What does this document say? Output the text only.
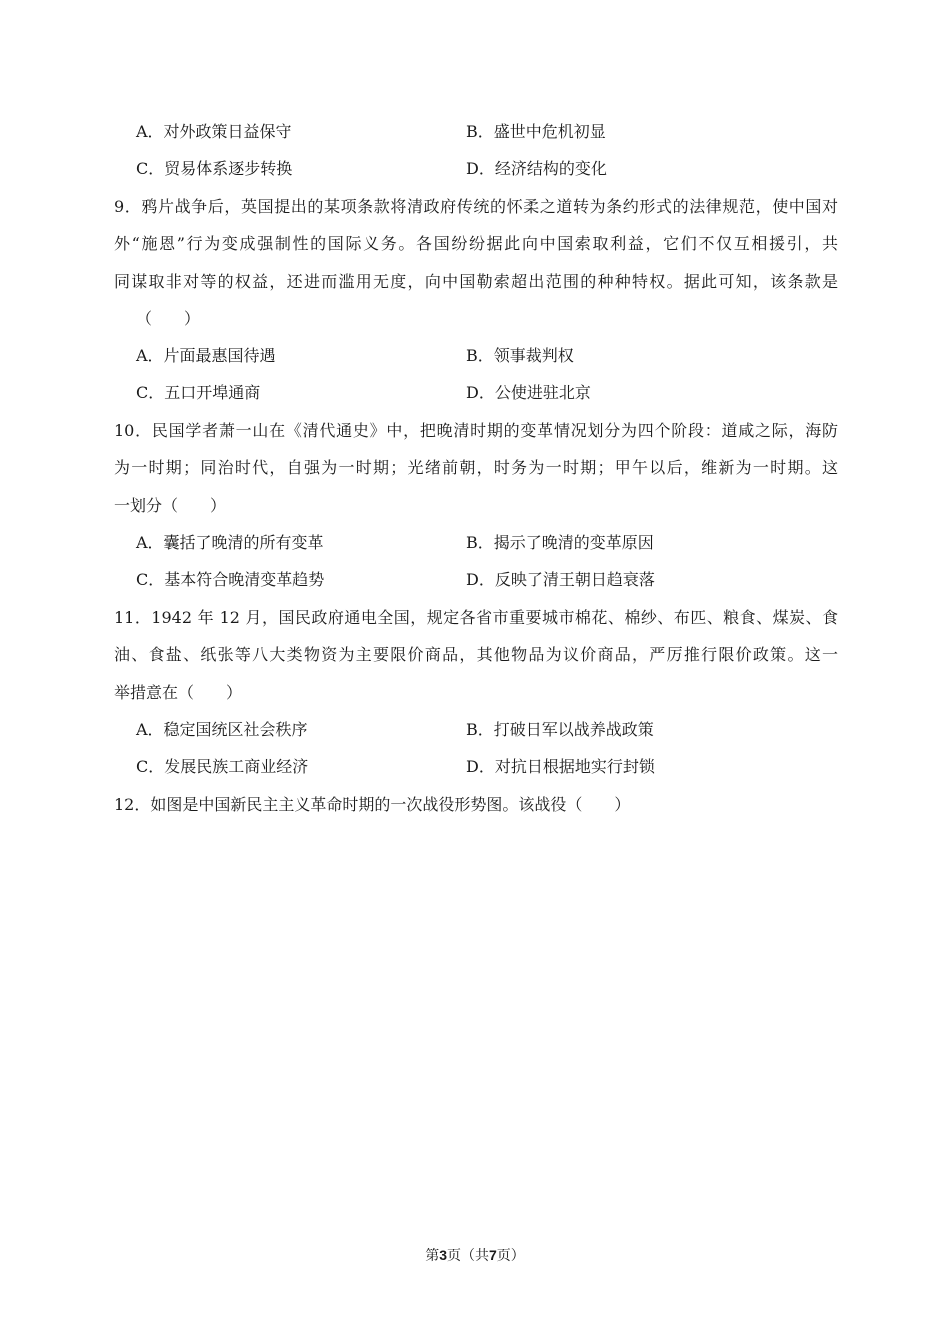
A．对外政策日益保守	B．盛世中危机初显
C．贸易体系逐步转换	D．经济结构的变化
9．鸦片战争后，英国提出的某项条款将清政府传统的怀柔之道转为条约形式的法律规范，使中国对
外“施恩”行为变成强制性的国际义务。各国纷纷据此向中国索取利益，它们不仅互相援引，共
同谋取非对等的权益，还进而滥用无度，向中国勒索超出范围的种种特权。据此可知，该条款是
（　　）
A．片面最惠国待遇	B．领事裁判权
C．五口开埠通商	D．公使进驻北京
10．民国学者萧一山在《清代通史》中，把晚清时期的变革情况划分为四个阶段：道咸之际，海防
为一时期；同治时代，自强为一时期；光绪前朝，时务为一时期；甲午以后，维新为一时期。这
一划分（　　）
A．囊括了晚清的所有变革	B．揭示了晚清的变革原因
C．基本符合晚清变革趋势	D．反映了清王朝日趋衰落
11．1942 年 12 月，国民政府通电全国，规定各省市重要城市棉花、棉纱、布匹、粮食、煤炭、食
油、食盐、纸张等八大类物资为主要限价商品，其他物品为议价商品，严厉推行限价政策。这一
举措意在（　　）
A．稳定国统区社会秩序	B．打破日军以战养战政策
C．发展民族工商业经济	D．对抗日根据地实行封锁
12．如图是中国新民主主义革命时期的一次战役形势图。该战役（　　）
第3页（共7页）
